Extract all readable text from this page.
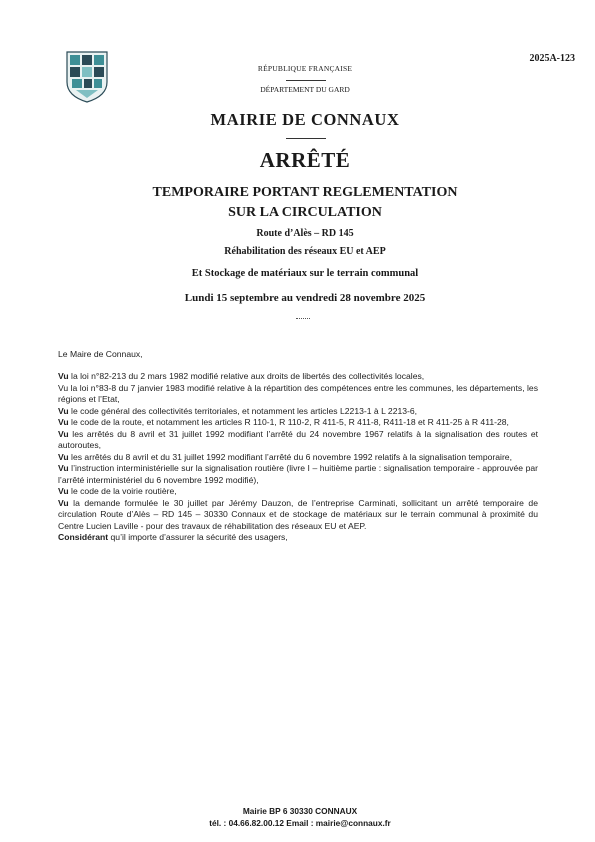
2025A-123
RÉPUBLIQUE FRANÇAISE
DÉPARTEMENT DU GARD
MAIRIE DE CONNAUX
ARRÊTÉ
TEMPORAIRE PORTANT REGLEMENTATION
SUR LA CIRCULATION
Route d’Alès – RD 145
Réhabilitation des réseaux EU et AEP
Et Stockage de matériaux sur le terrain communal
Lundi 15 septembre au vendredi 28 novembre 2025
Le Maire de Connaux,

Vu la loi n°82-213 du 2 mars 1982 modifié relative aux droits de libertés des collectivités locales,

Vu la loi n°83-8 du 7 janvier 1983 modifié relative à la répartition des compétences entre les communes, les départements, les régions et l’Etat,

Vu le code général des collectivités territoriales, et notamment les articles L2213-1 à L 2213-6,

Vu le code de la route, et notamment les articles R 110-1, R 110-2, R 411-5, R 411-8, R411-18 et R 411-25 à R 411-28,

Vu les arrêtés du 8 avril et 31 juillet 1992 modifiant l’arrêté du 24 novembre 1967 relatifs à la signalisation des routes et autoroutes,

Vu les arrêtés du 8 avril et du 31 juillet 1992 modifiant l’arrêté du 6 novembre 1992 relatifs à la signalisation temporaire,

Vu l’instruction interministérielle sur la signalisation routière (livre I – huitième partie : signalisation temporaire - approuvée par l’arrêté interministériel du 6 novembre 1992 modifié),

Vu le code de la voirie routière,

Vu la demande formulée le 30 juillet par Jérémy Dauzon, de l’entreprise Carminati, sollicitant un arrêté temporaire de circulation Route d’Alès – RD 145 – 30330 Connaux et de stockage de matériaux sur le terrain communal à proximité du Centre Lucien Laville - pour des travaux de réhabilitation des réseaux EU et AEP.

Considérant qu’il importe d’assurer la sécurité des usagers,

Mairie BP 6 30330 CONNAUX
tél. : 04.66.82.00.12 Email : mairie@connaux.fr
